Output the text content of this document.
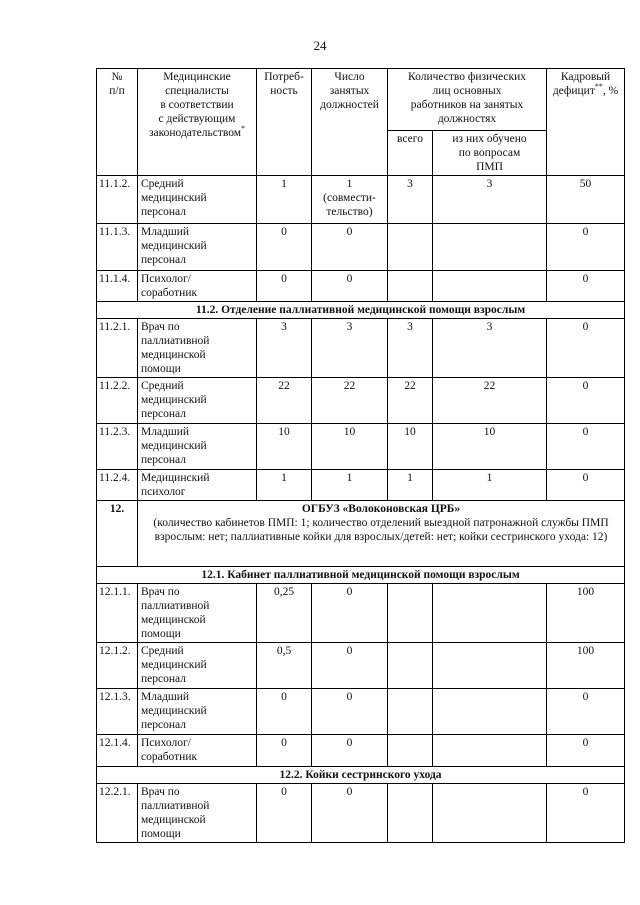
24
№
п/п	Медицинские
специалисты
в соответствии
с действующим
законодательством*	Потреб-
ность	Число
занятых
должностей	Количество физических
лиц основных
работников на занятых
должностях		Кадровый дефицит**, %
				всего	из них обучено
по вопросам
ПМП	
11.1.2.	Средний
медицинский
персонал	1	1
(совмести-
тельство)	3	3	50
11.1.3.	Младший
медицинский
персонал	0	0			0
11.1.4.	Психолог/
соработник	0	0			0
11.2. Отделение паллиативной медицинской помощи взрослым						
11.2.1.	Врач по
паллиативной
медицинской
помощи	3	3	3	3	0
11.2.2.	Средний
медицинский
персонал	22	22	22	22	0
11.2.3.	Младший
медицинский
персонал	10	10	10	10	0
11.2.4.	Медицинский
психолог	1	1	1	1	0
12.	ОГБУЗ «Волоконовская ЦРБ»
(количество кабинетов ПМП: 1; количество отделений выездной патронажной службы ПМП взрослым: нет; паллиативные койки для взрослых/детей: нет; койки сестринского ухода: 12)					

12.1. Кабинет паллиативной медицинской помощи взрослым						
12.1.1.	Врач по
паллиативной
медицинской
помощи	0,25	0			100
12.1.2.	Средний
медицинский
персонал	0,5	0			100
12.1.3.	Младший
медицинский
персонал	0	0			0
12.1.4.	Психолог/
соработник	0	0			0
12.2. Койки сестринского ухода						
12.2.1.	Врач по
паллиативной
медицинской
помощи	0	0			0
